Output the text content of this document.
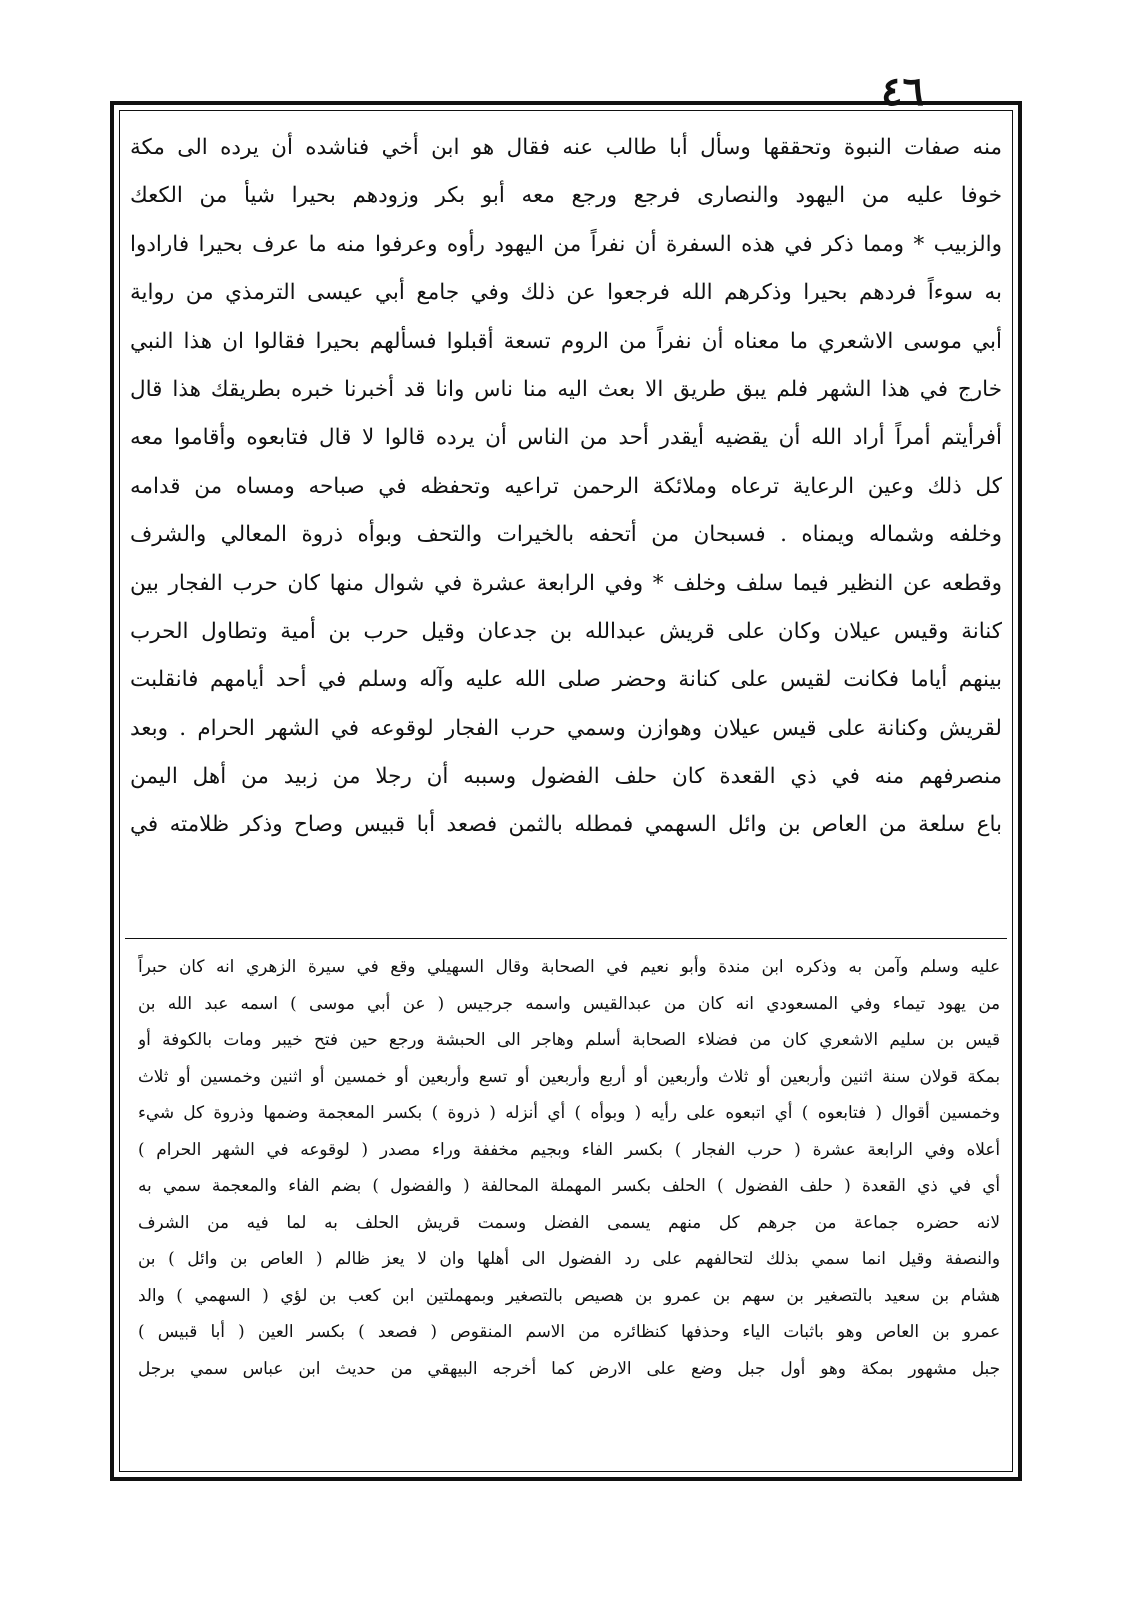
٤٦
منه صفات النبوة وتحققها وسأل أبا طالب عنه فقال هو ابن أخي فناشده أن يرده الى مكة
خوفا عليه من اليهود والنصارى فرجع ورجع معه أبو بكر وزودهم بحيرا شيأ من الكعك
والزبيب * ومما ذكر في هذه السفرة أن نفراً من اليهود رأوه وعرفوا منه ما عرف بحيرا فارادوا
به سوءاً فردهم بحيرا وذكرهم الله فرجعوا عن ذلك وفي جامع أبي عيسى الترمذي من رواية
أبي موسى الاشعري ما معناه أن نفراً من الروم تسعة أقبلوا فسألهم بحيرا فقالوا ان هذا النبي
خارج في هذا الشهر فلم يبق طريق الا بعث اليه منا ناس وانا قد أخبرنا خبره بطريقك هذا قال
أفرأيتم أمراً أراد الله أن يقضيه أيقدر أحد من الناس أن يرده قالوا لا قال فتابعوه وأقاموا معه
كل ذلك وعين الرعاية ترعاه وملائكة الرحمن تراعيه وتحفظه في صباحه ومساه من قدامه
وخلفه وشماله ويمناه . فسبحان من أتحفه بالخيرات والتحف وبوأه ذروة المعالي والشرف
وقطعه عن النظير فيما سلف وخلف * وفي الرابعة عشرة في شوال منها كان حرب الفجار بين
كنانة وقيس عيلان وكان على قريش عبدالله بن جدعان وقيل حرب بن أمية وتطاول الحرب
بينهم أياما فكانت لقيس على كنانة وحضر صلى الله عليه وآله وسلم في أحد أيامهم فانقلبت
لقريش وكنانة على قيس عيلان وهوازن وسمي حرب الفجار لوقوعه في الشهر الحرام . وبعد
منصرفهم منه في ذي القعدة كان حلف الفضول وسببه أن رجلا من زبيد من أهل اليمن
باع سلعة من العاص بن وائل السهمي فمطله بالثمن فصعد أبا قبيس وصاح وذكر ظلامته في
عليه وسلم وآمن به وذكره ابن مندة وأبو نعيم في الصحابة وقال السهيلي وقع في سيرة الزهري انه كان حبراً
من يهود تيماء وفي المسعودي انه كان من عبدالقيس واسمه جرجيس ( عن أبي موسى ) اسمه عبد الله بن
قيس بن سليم الاشعري كان من فضلاء الصحابة أسلم وهاجر الى الحبشة ورجع حين فتح خيبر ومات بالكوفة أو
بمكة قولان سنة اثنين وأربعين أو ثلاث وأربعين أو أربع وأربعين أو تسع وأربعين أو خمسين أو اثنين وخمسين أو ثلاث
وخمسين أقوال ( فتابعوه ) أي اتبعوه على رأيه ( وبوأه ) أي أنزله ( ذروة ) بكسر المعجمة وضمها وذروة كل شيء
أعلاه وفي الرابعة عشرة ( حرب الفجار ) بكسر الفاء وبجيم مخففة وراء مصدر ( لوقوعه في الشهر الحرام )
أي في ذي القعدة ( حلف الفضول ) الحلف بكسر المهملة المحالفة ( والفضول ) بضم الفاء والمعجمة سمي به
لانه حضره جماعة من جرهم كل منهم يسمى الفضل وسمت قريش الحلف به لما فيه من الشرف
والنصفة وقيل انما سمي بذلك لتحالفهم على رد الفضول الى أهلها وان لا يعز ظالم ( العاص بن وائل ) بن
هشام بن سعيد بالتصغير بن سهم بن عمرو بن هصيص بالتصغير وبمهملتين ابن كعب بن لؤي ( السهمي ) والد
عمرو بن العاص وهو باثبات الياء وحذفها كنظائره من الاسم المنقوص ( فصعد ) بكسر العين ( أبا قبيس )
جبل مشهور بمكة وهو أول جبل وضع على الارض كما أخرجه البيهقي من حديث ابن عباس سمي برجل
